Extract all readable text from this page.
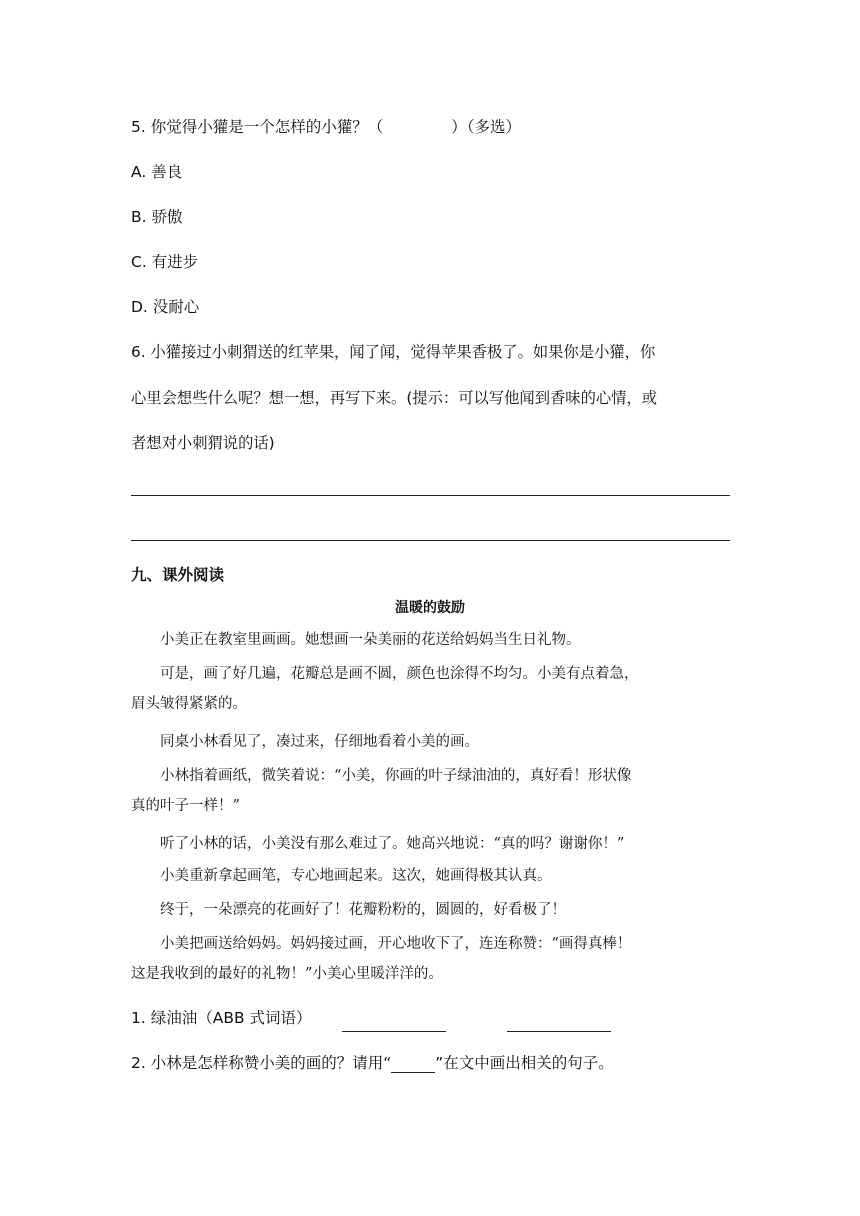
5. 你觉得小獾是一个怎样的小獾？（	）（多选）
A. 善良
B. 骄傲
C. 有进步
D. 没耐心
6. 小獾接过小刺猬送的红苹果，闻了闻，觉得苹果香极了。如果你是小獾，你
心里会想些什么呢？想一想，再写下来。(提示：可以写他闻到香味的心情，或
者想对小刺猬说的话)
九、课外阅读
温暖的鼓励
小美正在教室里画画。她想画一朵美丽的花送给妈妈当生日礼物。
可是，画了好几遍，花瓣总是画不圆，颜色也涂得不均匀。小美有点着急，
眉头皱得紧紧的。
同桌小林看见了，凑过来，仔细地看着小美的画。
小林指着画纸，微笑着说：“小美，你画的叶子绿油油的，真好看！形状像
真的叶子一样！”
听了小林的话，小美没有那么难过了。她高兴地说：“真的吗？谢谢你！”
小美重新拿起画笔，专心地画起来。这次，她画得极其认真。
终于，一朵漂亮的花画好了！花瓣粉粉的，圆圆的，好看极了！
小美把画送给妈妈。妈妈接过画，开心地收下了，连连称赞：“画得真棒！
这是我收到的最好的礼物！”小美心里暖洋洋的。
1. 绿油油（ABB 式词语）
2. 小林是怎样称赞小美的画的？请用“	”在文中画出相关的句子。
